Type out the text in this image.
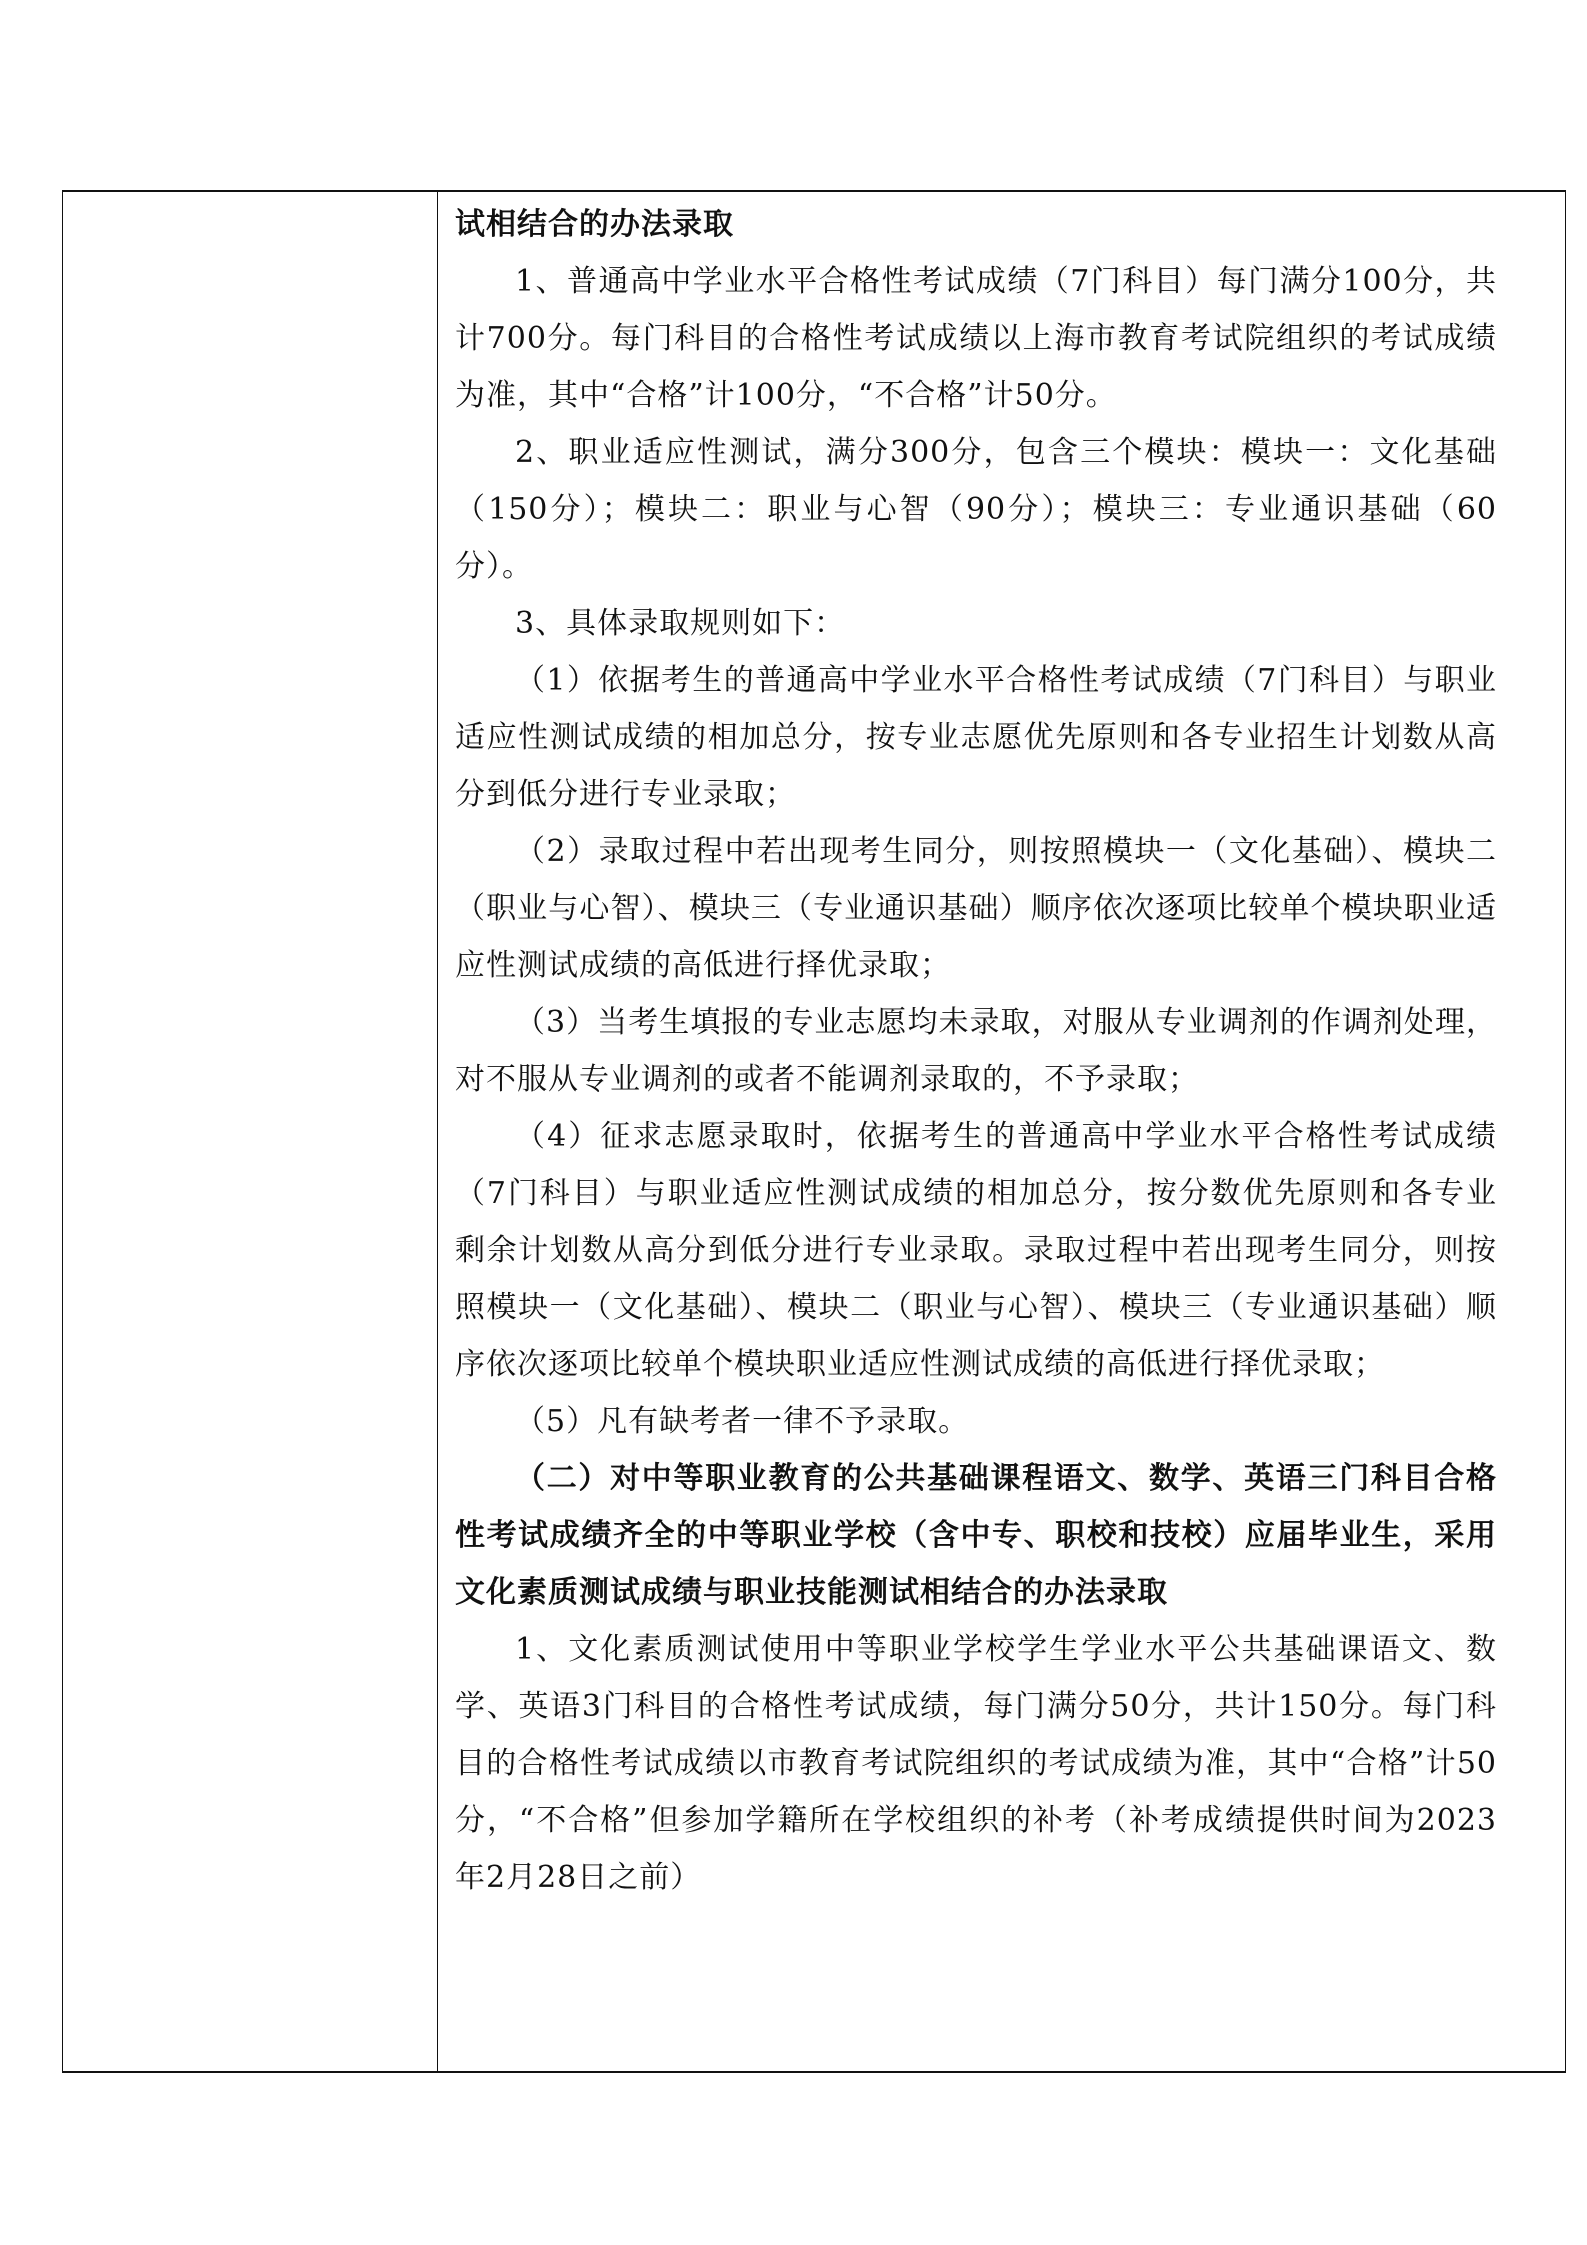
试相结合的办法录取

1、普通高中学业水平合格性考试成绩（7门科目）每门满分100分，共计700分。每门科目的合格性考试成绩以上海市教育考试院组织的考试成绩为准，其中“合格”计100分，“不合格”计50分。

2、职业适应性测试，满分300分，包含三个模块：模块一：文化基础（150分）；模块二：职业与心智（90分）；模块三：专业通识基础（60分）。

3、具体录取规则如下：

（1）依据考生的普通高中学业水平合格性考试成绩（7门科目）与职业适应性测试成绩的相加总分，按专业志愿优先原则和各专业招生计划数从高分到低分进行专业录取；

（2）录取过程中若出现考生同分，则按照模块一（文化基础）、模块二（职业与心智）、模块三（专业通识基础）顺序依次逐项比较单个模块职业适应性测试成绩的高低进行择优录取；

（3）当考生填报的专业志愿均未录取，对服从专业调剂的作调剂处理，对不服从专业调剂的或者不能调剂录取的，不予录取；

（4）征求志愿录取时，依据考生的普通高中学业水平合格性考试成绩（7门科目）与职业适应性测试成绩的相加总分，按分数优先原则和各专业剩余计划数从高分到低分进行专业录取。录取过程中若出现考生同分，则按照模块一（文化基础）、模块二（职业与心智）、模块三（专业通识基础）顺序依次逐项比较单个模块职业适应性测试成绩的高低进行择优录取；

（5）凡有缺考者一律不予录取。

（二）对中等职业教育的公共基础课程语文、数学、英语三门科目合格性考试成绩齐全的中等职业学校（含中专、职校和技校）应届毕业生，采用文化素质测试成绩与职业技能测试相结合的办法录取

1、文化素质测试使用中等职业学校学生学业水平公共基础课语文、数学、英语3门科目的合格性考试成绩，每门满分50分，共计150分。每门科目的合格性考试成绩以市教育考试院组织的考试成绩为准，其中“合格”计50分，“不合格”但参加学籍所在学校组织的补考（补考成绩提供时间为2023年2月28日之前）
